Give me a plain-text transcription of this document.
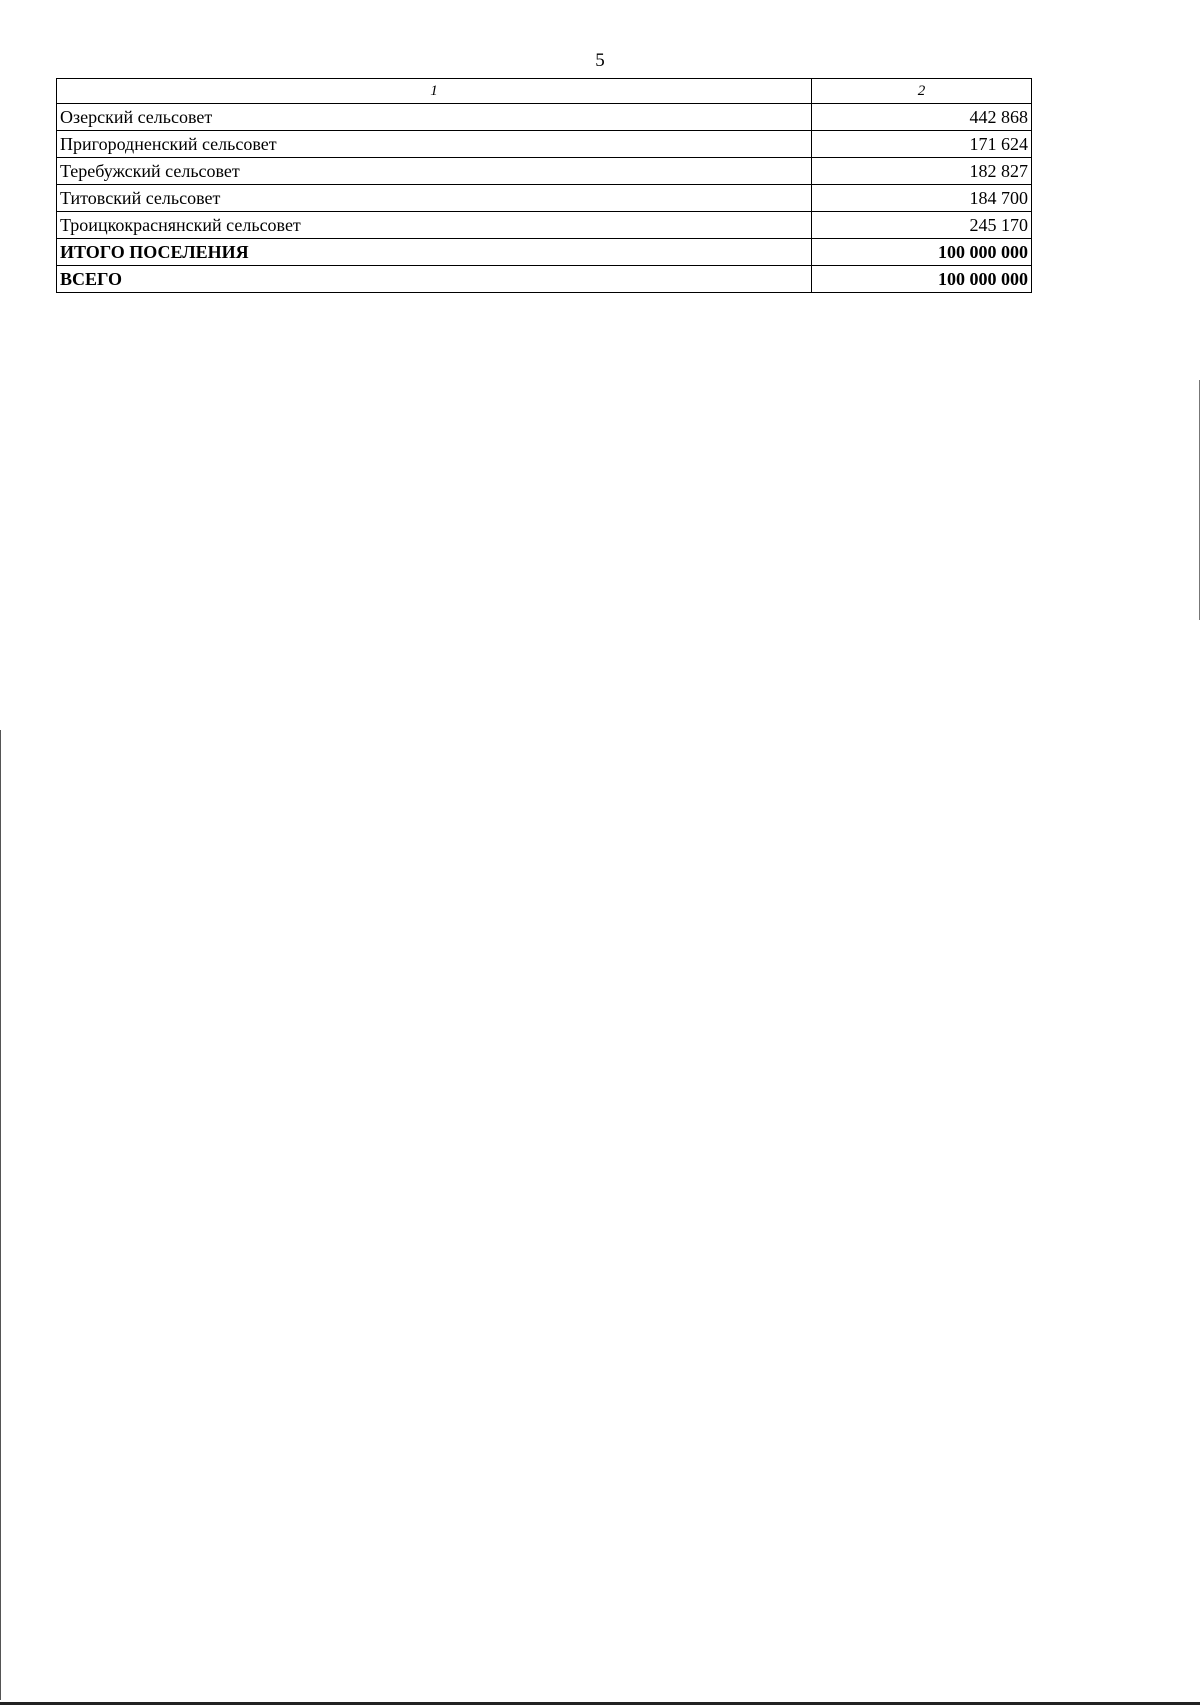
5
1	2
Озерский сельсовет	442 868
Пригородненский сельсовет	171 624
Теребужский сельсовет	182 827
Титовский сельсовет	184 700
Троицкокраснянский сельсовет	245 170
ИТОГО ПОСЕЛЕНИЯ	100 000 000
ВСЕГО	100 000 000
